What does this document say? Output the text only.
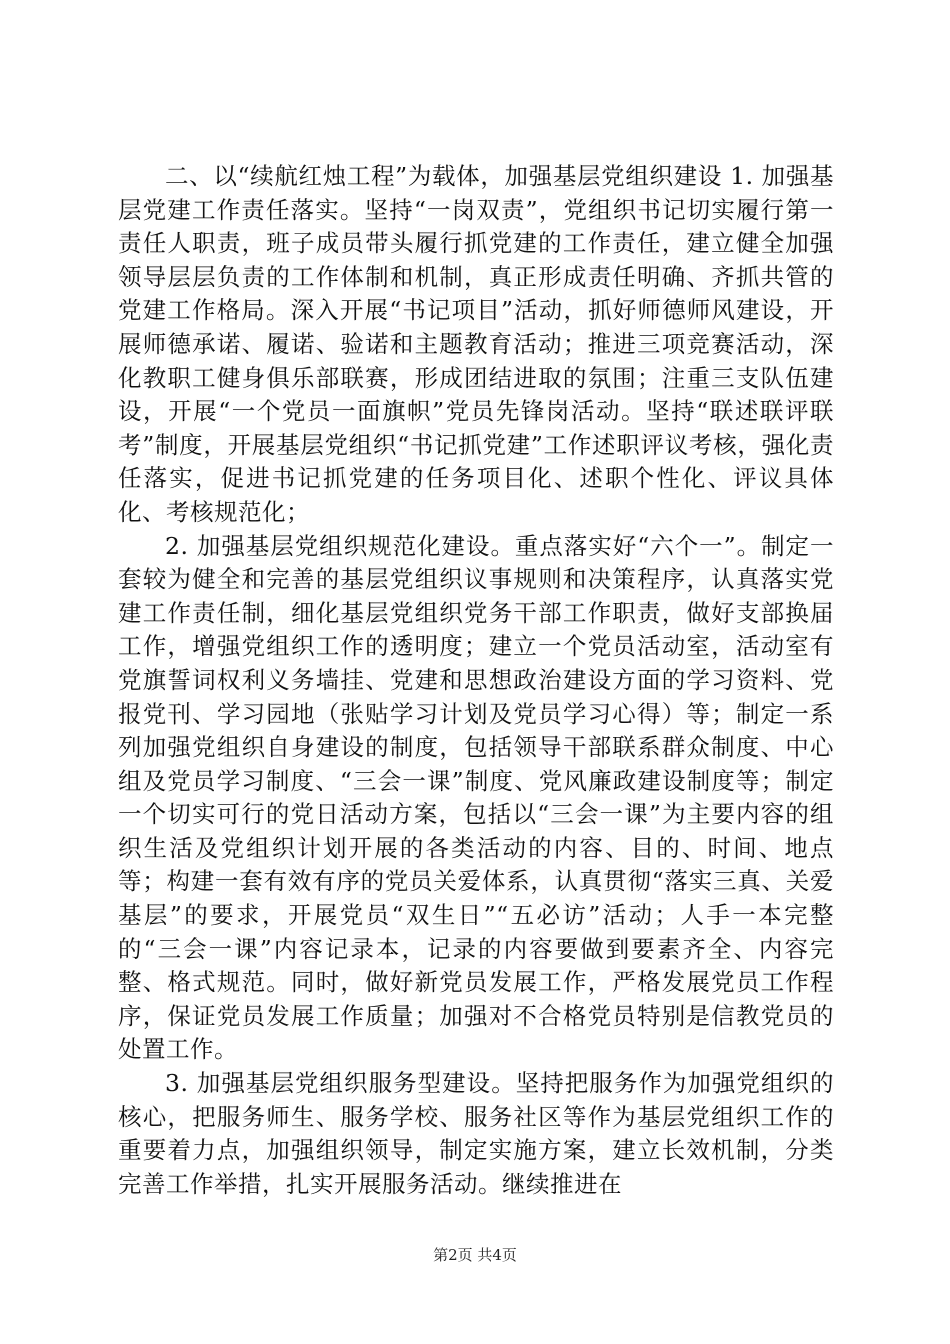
二、以“续航红烛工程”为载体，加强基层党组织建设 1. 加强基层党建工作责任落实。坚持“一岗双责”，党组织书记切实履行第一责任人职责，班子成员带头履行抓党建的工作责任，建立健全加强领导层层负责的工作体制和机制，真正形成责任明确、齐抓共管的党建工作格局。深入开展“书记项目”活动，抓好师德师风建设，开展师德承诺、履诺、验诺和主题教育活动；推进三项竞赛活动，深化教职工健身俱乐部联赛，形成团结进取的氛围；注重三支队伍建设，开展“一个党员一面旗帜”党员先锋岗活动。坚持“联述联评联考”制度，开展基层党组织“书记抓党建”工作述职评议考核，强化责任落实，促进书记抓党建的任务项目化、述职个性化、评议具体化、考核规范化；

2. 加强基层党组织规范化建设。重点落实好“六个一”。制定一套较为健全和完善的基层党组织议事规则和决策程序，认真落实党建工作责任制，细化基层党组织党务干部工作职责，做好支部换届工作，增强党组织工作的透明度；建立一个党员活动室，活动室有党旗誓词权利义务墙挂、党建和思想政治建设方面的学习资料、党报党刊、学习园地（张贴学习计划及党员学习心得）等；制定一系列加强党组织自身建设的制度，包括领导干部联系群众制度、中心组及党员学习制度、“三会一课”制度、党风廉政建设制度等；制定一个切实可行的党日活动方案，包括以“三会一课”为主要内容的组织生活及党组织计划开展的各类活动的内容、目的、时间、地点等；构建一套有效有序的党员关爱体系，认真贯彻“落实三真、关爱基层”的要求，开展党员“双生日”“五必访”活动；人手一本完整的“三会一课”内容记录本，记录的内容要做到要素齐全、内容完整、格式规范。同时，做好新党员发展工作，严格发展党员工作程序，保证党员发展工作质量；加强对不合格党员特别是信教党员的处置工作。

3. 加强基层党组织服务型建设。坚持把服务作为加强党组织的核心，把服务师生、服务学校、服务社区等作为基层党组织工作的重要着力点，加强组织领导，制定实施方案，建立长效机制，分类完善工作举措，扎实开展服务活动。继续推进在

第2页 共4页
